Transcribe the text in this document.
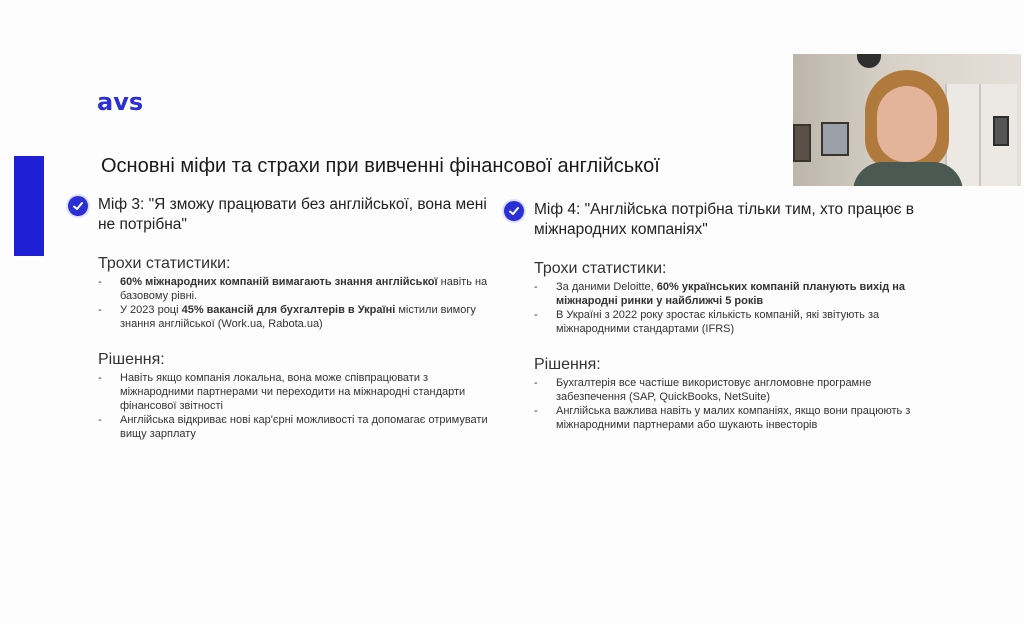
avs
Основні міфи та страхи при вивченні фінансової англійської
Міф 3: "Я зможу працювати без англійської, вона мені не потрібна"
Трохи статистики:
- 60% міжнародних компаній вимагають знання англійської навіть на базовому рівні.
- У 2023 році 45% вакансій для бухгалтерів в Україні містили вимогу знання англійської (Work.ua, Rabota.ua)
Рішення:
- Навіть якщо компанія локальна, вона може співпрацювати з міжнародними партнерами чи переходити на міжнародні стандарти фінансової звітності
- Англійська відкриває нові кар'єрні можливості та допомагає отримувати вищу зарплату
Міф 4: "Англійська потрібна тільки тим, хто працює в міжнародних компаніях"
Трохи статистики:
- За даними Deloitte, 60% українських компаній планують вихід на міжнародні ринки у найближчі 5 років
- В Україні з 2022 року зростає кількість компаній, які звітують за міжнародними стандартами (IFRS)
Рішення:
- Бухгалтерія все частіше використовує англомовне програмне забезпечення (SAP, QuickBooks, NetSuite)
- Англійська важлива навіть у малих компаніях, якщо вони працюють з міжнародними партнерами або шукають інвесторів
